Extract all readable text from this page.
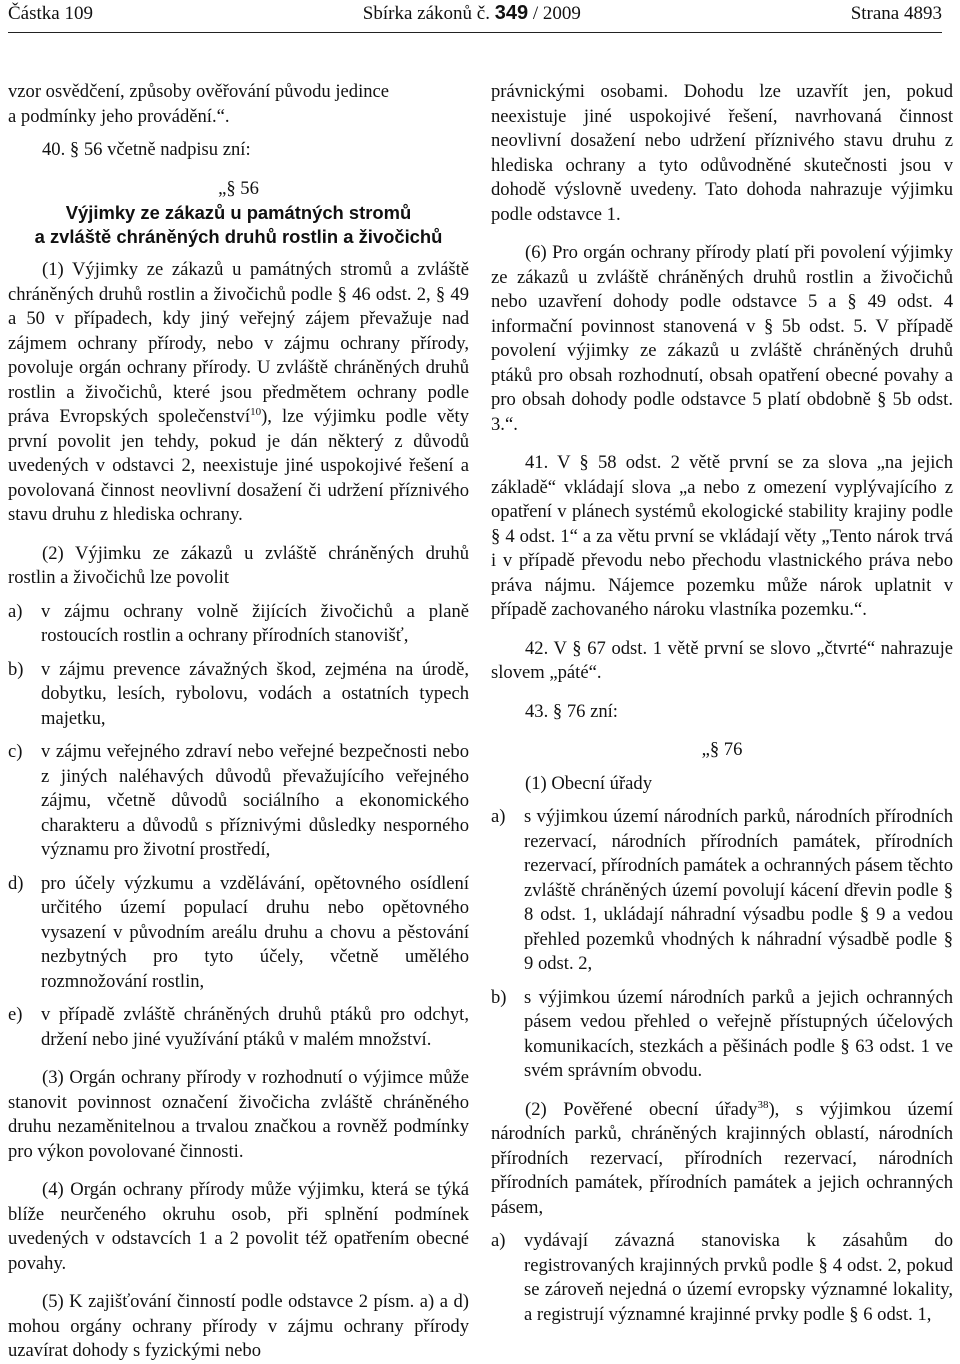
Částka 109	Sbírka zákonů č. 349 / 2009	Strana 4893

vzor osvědčení, způsoby ověřování původu jedince

a podmínky jeho provádění.“.

40. § 56 včetně nadpisu zní:

„§ 56

Výjimky ze zákazů u památných stromů

a zvláště chráněných druhů rostlin a živočichů

(1) Výjimky ze zákazů u památných stromů a zvláště chráněných druhů rostlin a živočichů podle § 46 odst. 2, § 49 a 50 v případech, kdy jiný veřejný zájem převažuje nad zájmem ochrany přírody, nebo v zájmu ochrany přírody, povoluje orgán ochrany přírody. U zvláště chráněných druhů rostlin a živočichů, které jsou předmětem ochrany podle práva Evropských společenství$^{10}$), lze výjimku podle věty první povolit jen tehdy, pokud je dán některý z důvodů uvedených v odstavci 2, neexistuje jiné uspokojivé řešení a povolovaná činnost neovlivní dosažení či udržení příznivého stavu druhu z hlediska ochrany.

(2) Výjimku ze zákazů u zvláště chráněných druhů rostlin a živočichů lze povolit

a) v zájmu ochrany volně žijících živočichů a planě rostoucích rostlin a ochrany přírodních stanovišť,
b) v zájmu prevence závažných škod, zejména na úrodě, dobytku, lesích, rybolovu, vodách a ostatních typech majetku,
c) v zájmu veřejného zdraví nebo veřejné bezpečnosti nebo z jiných naléhavých důvodů převažujícího veřejného zájmu, včetně důvodů sociálního a ekonomického charakteru a důvodů s příznivými důsledky nesporného významu pro životní prostředí,
d) pro účely výzkumu a vzdělávání, opětovného osídlení určitého území populací druhu nebo opětovného vysazení v původním areálu druhu a chovu a pěstování nezbytných pro tyto účely, včetně umělého rozmnožování rostlin,
e) v případě zvláště chráněných druhů ptáků pro odchyt, držení nebo jiné využívání ptáků v malém množství.

(3) Orgán ochrany přírody v rozhodnutí o výjimce může stanovit povinnost označení živočicha zvláště chráněného druhu nezaměnitelnou a trvalou značkou a rovněž podmínky pro výkon povolované činnosti.

(4) Orgán ochrany přírody může výjimku, která se týká blíže neurčeného okruhu osob, při splnění podmínek uvedených v odstavcích 1 a 2 povolit též opatřením obecné povahy.

(5) K zajišťování činností podle odstavce 2 písm. a) a d) mohou orgány ochrany přírody v zájmu ochrany přírody uzavírat dohody s fyzickými nebo

právnickými osobami. Dohodu lze uzavřít jen, pokud neexistuje jiné uspokojivé řešení, navrhovaná činnost neovlivní dosažení nebo udržení příznivého stavu druhu z hlediska ochrany a tyto odůvodněné skutečnosti jsou v dohodě výslovně uvedeny. Tato dohoda nahrazuje výjimku podle odstavce 1.

(6) Pro orgán ochrany přírody platí při povolení výjimky ze zákazů u zvláště chráněných druhů rostlin a živočichů nebo uzavření dohody podle odstavce 5 a § 49 odst. 4 informační povinnost stanovená v § 5b odst. 5. V případě povolení výjimky ze zákazů u zvláště chráněných druhů ptáků pro obsah rozhodnutí, obsah opatření obecné povahy a pro obsah dohody podle odstavce 5 platí obdobně § 5b odst. 3.“.

41. V § 58 odst. 2 větě první se za slova „na jejich základě“ vkládají slova „a nebo z omezení vyplývajícího z opatření v plánech systémů ekologické stability krajiny podle § 4 odst. 1“ a za větu první se vkládají věty „Tento nárok trvá i v případě převodu nebo přechodu vlastnického práva nebo práva nájmu. Nájemce pozemku může nárok uplatnit v případě zachovaného nároku vlastníka pozemku.“.

42. V § 67 odst. 1 větě první se slovo „čtvrté“ nahrazuje slovem „páté“.

43. § 76 zní:

„§ 76

(1) Obecní úřady

a) s výjimkou území národních parků, národních přírodních rezervací, národních přírodních památek, přírodních rezervací, přírodních památek a ochranných pásem těchto zvláště chráněných území povolují kácení dřevin podle § 8 odst. 1, ukládají náhradní výsadbu podle § 9 a vedou přehled pozemků vhodných k náhradní výsadbě podle § 9 odst. 2,
b) s výjimkou území národních parků a jejich ochranných pásem vedou přehled o veřejně přístupných účelových komunikacích, stezkách a pěšinách podle § 63 odst. 1 ve svém správním obvodu.

(2) Pověřené obecní úřady$^{38}$), s výjimkou území národních parků, chráněných krajinných oblastí, národních přírodních rezervací, přírodních rezervací, národních přírodních památek, přírodních památek a jejich ochranných pásem,

a) vydávají závazná stanoviska k zásahům do registrovaných krajinných prvků podle § 4 odst. 2, pokud se zároveň nejedná o území evropsky významné lokality, a registrují významné krajinné prvky podle § 6 odst. 1,
